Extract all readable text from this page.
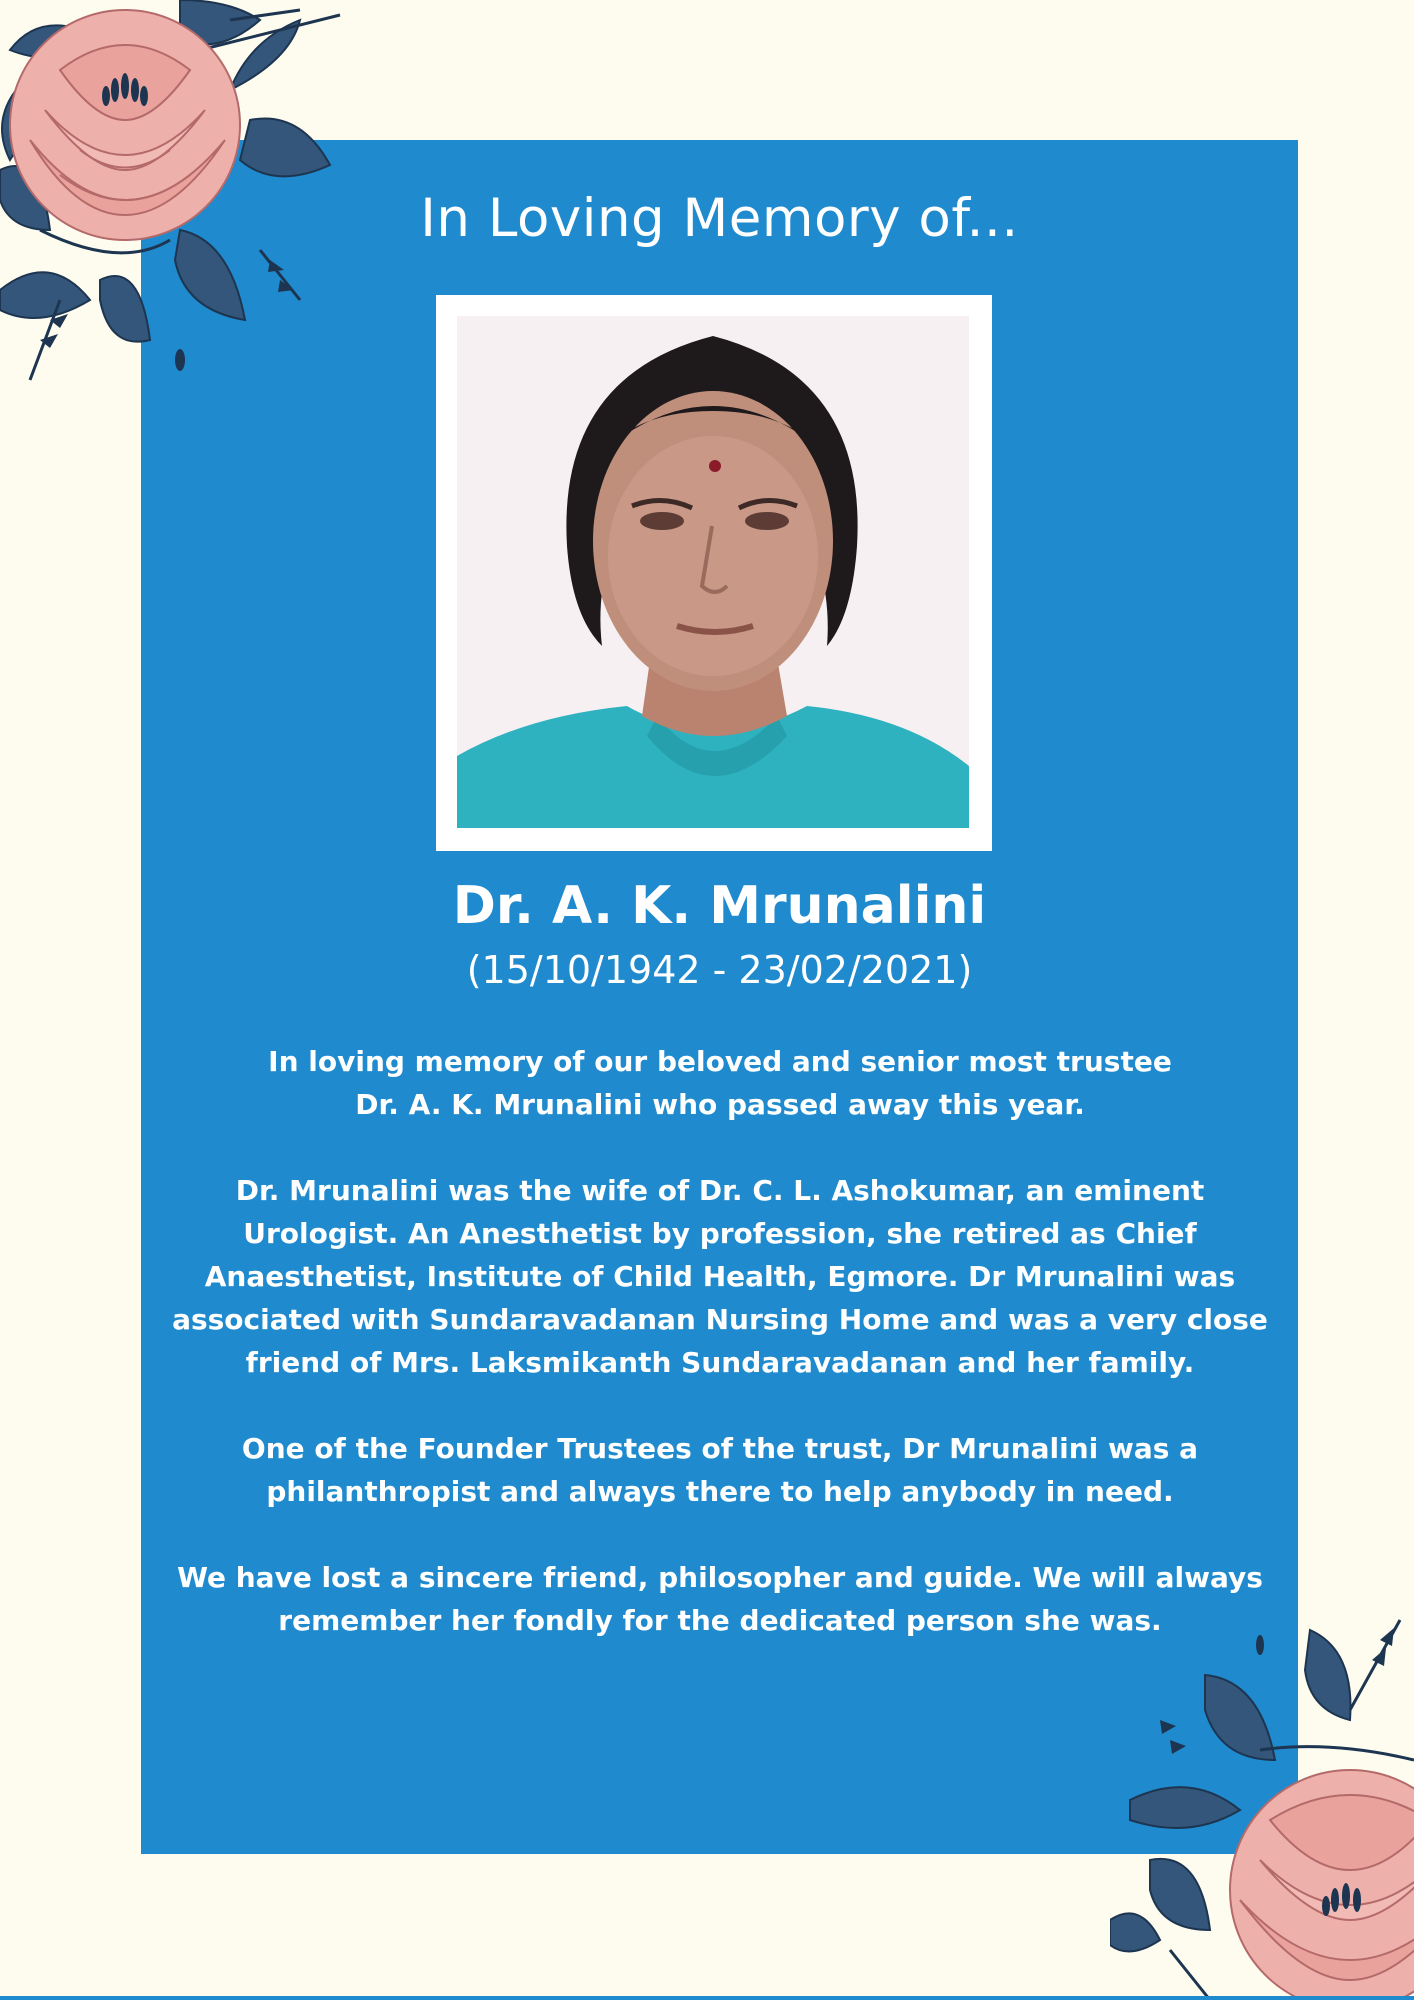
In Loving Memory of...
Dr. A. K. Mrunalini
(15/10/1942 - 23/02/2021)

In loving memory of our beloved and senior most trustee
Dr. A. K. Mrunalini who passed away this year.

Dr. Mrunalini was the wife of Dr. C. L. Ashokumar, an eminent
Urologist. An Anesthetist by profession, she retired as Chief
Anaesthetist, Institute of Child Health, Egmore. Dr Mrunalini was
associated with Sundaravadanan Nursing Home and was a very close
friend of Mrs. Laksmikanth Sundaravadanan and her family.

One of the Founder Trustees of the trust, Dr Mrunalini was a
philanthropist and always there to help anybody in need.

We have lost a sincere friend, philosopher and guide. We will always
remember her fondly for the dedicated person she was.
